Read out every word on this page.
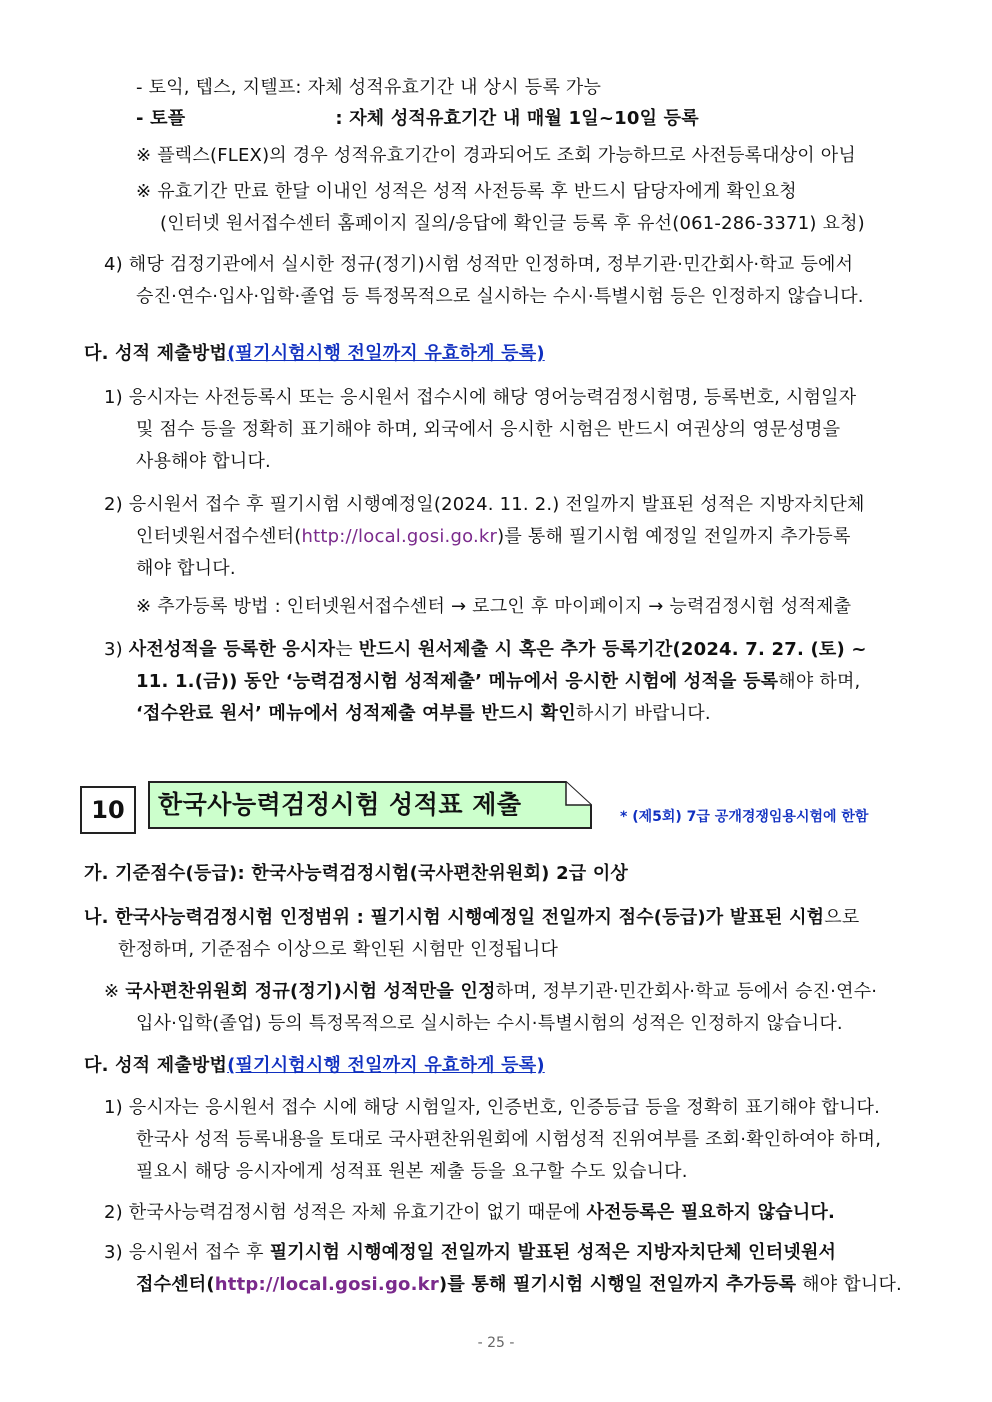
- 토익, 텝스, 지텔프: 자체 성적유효기간 내 상시 등록 가능
- 토플	: 자체 성적유효기간 내 매월 1일~10일 등록
※ 플렉스(FLEX)의 경우 성적유효기간이 경과되어도 조회 가능하므로 사전등록대상이 아님
※ 유효기간 만료 한달 이내인 성적은 성적 사전등록 후 반드시 담당자에게 확인요청
(인터넷 원서접수센터 홈페이지 질의/응답에 확인글 등록 후 유선(061-286-3371) 요청)
4) 해당 검정기관에서 실시한 정규(정기)시험 성적만 인정하며, 정부기관·민간회사·학교 등에서
승진·연수·입사·입학·졸업 등 특정목적으로 실시하는 수시·특별시험 등은 인정하지 않습니다.
다. 성적 제출방법(필기시험시행 전일까지 유효하게 등록)
1) 응시자는 사전등록시 또는 응시원서 접수시에 해당 영어능력검정시험명, 등록번호, 시험일자
및 점수 등을 정확히 표기해야 하며, 외국에서 응시한 시험은 반드시 여권상의 영문성명을
사용해야 합니다.
2) 응시원서 접수 후 필기시험 시행예정일(2024. 11. 2.) 전일까지 발표된 성적은 지방자치단체
인터넷원서접수센터(http://local.gosi.go.kr)를 통해 필기시험 예정일 전일까지 추가등록
해야 합니다.
※ 추가등록 방법 : 인터넷원서접수센터 → 로그인 후 마이페이지 → 능력검정시험 성적제출
3) 사전성적을 등록한 응시자는 반드시 원서제출 시 혹은 추가 등록기간(2024. 7. 27. (토) ~
11. 1.(금)) 동안 ‘능력검정시험 성적제출’ 메뉴에서 응시한 시험에 성적을 등록해야 하며,
‘접수완료 원서’ 메뉴에서 성적제출 여부를 반드시 확인하시기 바랍니다.
10	한국사능력검정시험 성적표 제출	* (제5회) 7급 공개경쟁임용시험에 한함
가. 기준점수(등급): 한국사능력검정시험(국사편찬위원회) 2급 이상
나. 한국사능력검정시험 인정범위 : 필기시험 시행예정일 전일까지 점수(등급)가 발표된 시험으로
한정하며, 기준점수 이상으로 확인된 시험만 인정됩니다
※ 국사편찬위원회 정규(정기)시험 성적만을 인정하며, 정부기관·민간회사·학교 등에서 승진·연수·
입사·입학(졸업) 등의 특정목적으로 실시하는 수시·특별시험의 성적은 인정하지 않습니다.
다. 성적 제출방법(필기시험시행 전일까지 유효하게 등록)
1) 응시자는 응시원서 접수 시에 해당 시험일자, 인증번호, 인증등급 등을 정확히 표기해야 합니다.
한국사 성적 등록내용을 토대로 국사편찬위원회에 시험성적 진위여부를 조회·확인하여야 하며,
필요시 해당 응시자에게 성적표 원본 제출 등을 요구할 수도 있습니다.
2) 한국사능력검정시험 성적은 자체 유효기간이 없기 때문에 사전등록은 필요하지 않습니다.
3) 응시원서 접수 후 필기시험 시행예정일 전일까지 발표된 성적은 지방자치단체 인터넷원서
접수센터(http://local.gosi.go.kr)를 통해 필기시험 시행일 전일까지 추가등록 해야 합니다.
- 25 -
